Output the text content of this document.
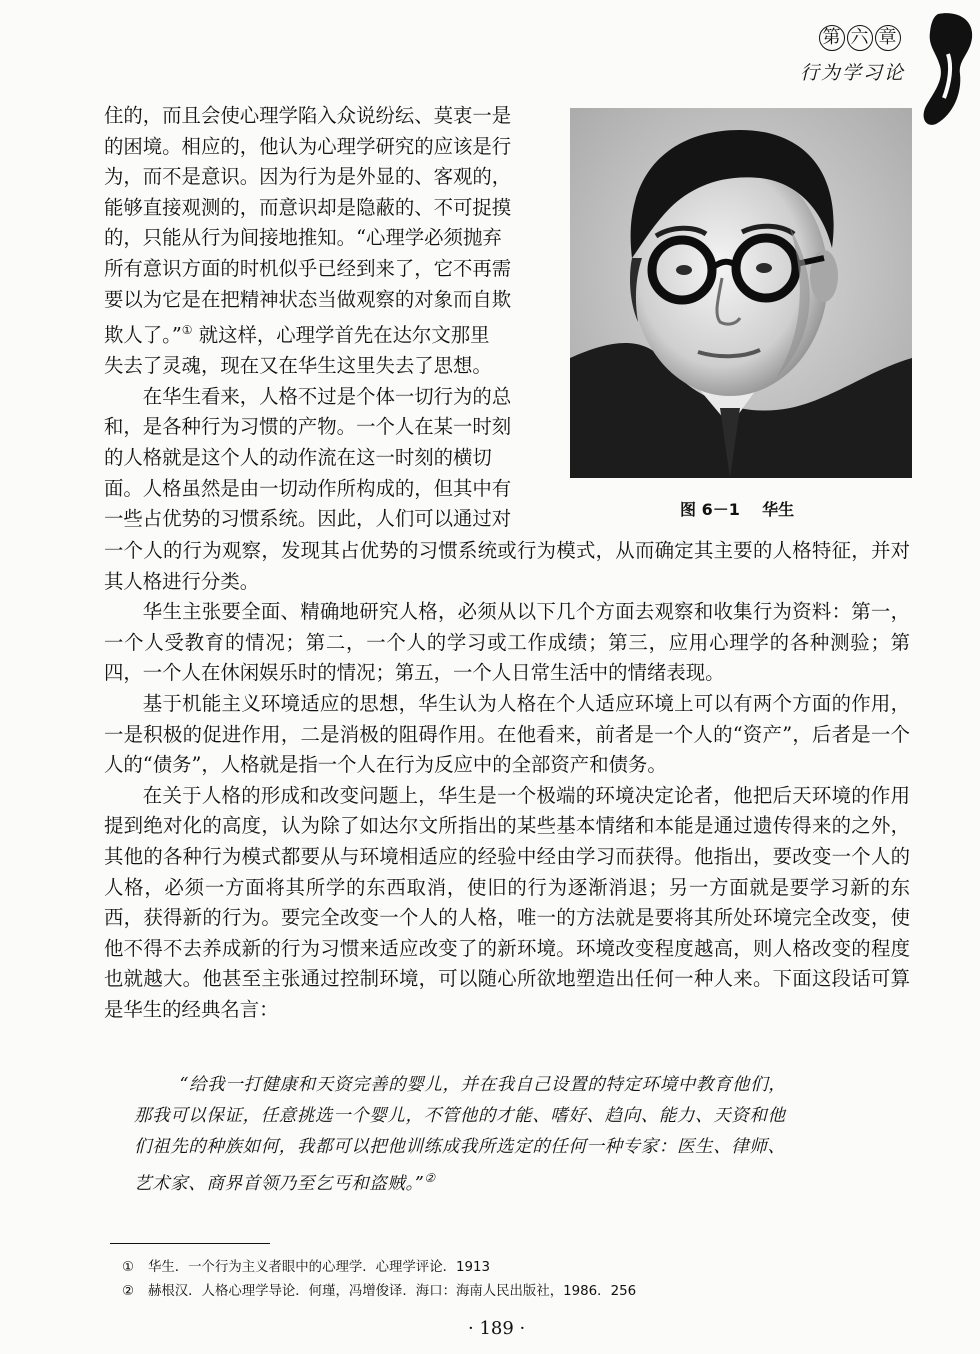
第 六 章
行为学习论
住的，而且会使心理学陷入众说纷纭、莫衷一是
的困境。相应的，他认为心理学研究的应该是行
为，而不是意识。因为行为是外显的、客观的，
能够直接观测的，而意识却是隐蔽的、不可捉摸
的，只能从行为间接地推知。“心理学必须抛弃
所有意识方面的时机似乎已经到来了，它不再需
要以为它是在把精神状态当做观察的对象而自欺
欺人了。”① 就这样，心理学首先在达尔文那里
失去了灵魂，现在又在华生这里失去了思想。
在华生看来，人格不过是个体一切行为的总
和，是各种行为习惯的产物。一个人在某一时刻
的人格就是这个人的动作流在这一时刻的横切
面。人格虽然是由一切动作所构成的，但其中有
一些占优势的习惯系统。因此，人们可以通过对	图 6－1 华生
一个人的行为观察，发现其占优势的习惯系统或行为模式，从而确定其主要的人格特征，并对其人格进行分类。
华生主张要全面、精确地研究人格，必须从以下几个方面去观察和收集行为资料：第一，一个人受教育的情况；第二，一个人的学习或工作成绩；第三，应用心理学的各种测验；第四，一个人在休闲娱乐时的情况；第五，一个人日常生活中的情绪表现。
基于机能主义环境适应的思想，华生认为人格在个人适应环境上可以有两个方面的作用，一是积极的促进作用，二是消极的阻碍作用。在他看来，前者是一个人的“资产”，后者是一个人的“债务”，人格就是指一个人在行为反应中的全部资产和债务。
在关于人格的形成和改变问题上，华生是一个极端的环境决定论者，他把后天环境的作用提到绝对化的高度，认为除了如达尔文所指出的某些基本情绪和本能是通过遗传得来的之外，其他的各种行为模式都要从与环境相适应的经验中经由学习而获得。他指出，要改变一个人的人格，必须一方面将其所学的东西取消，使旧的行为逐渐消退；另一方面就是要学习新的东西，获得新的行为。要完全改变一个人的人格，唯一的方法就是要将其所处环境完全改变，使他不得不去养成新的行为习惯来适应改变了的新环境。环境改变程度越高，则人格改变的程度也就越大。他甚至主张通过控制环境，可以随心所欲地塑造出任何一种人来。下面这段话可算是华生的经典名言：
“给我一打健康和天资完善的婴儿，并在我自己设置的特定环境中教育他们，
那我可以保证，任意挑选一个婴儿，不管他的才能、嗜好、趋向、能力、天资和他
们祖先的种族如何，我都可以把他训练成我所选定的任何一种专家：医生、律师、
艺术家、商界首领乃至乞丐和盗贼。”②
① 华生．一个行为主义者眼中的心理学．心理学评论．1913
② 赫根汉．人格心理学导论．何瑾，冯增俊译．海口：海南人民出版社，1986．256
· 189 ·
